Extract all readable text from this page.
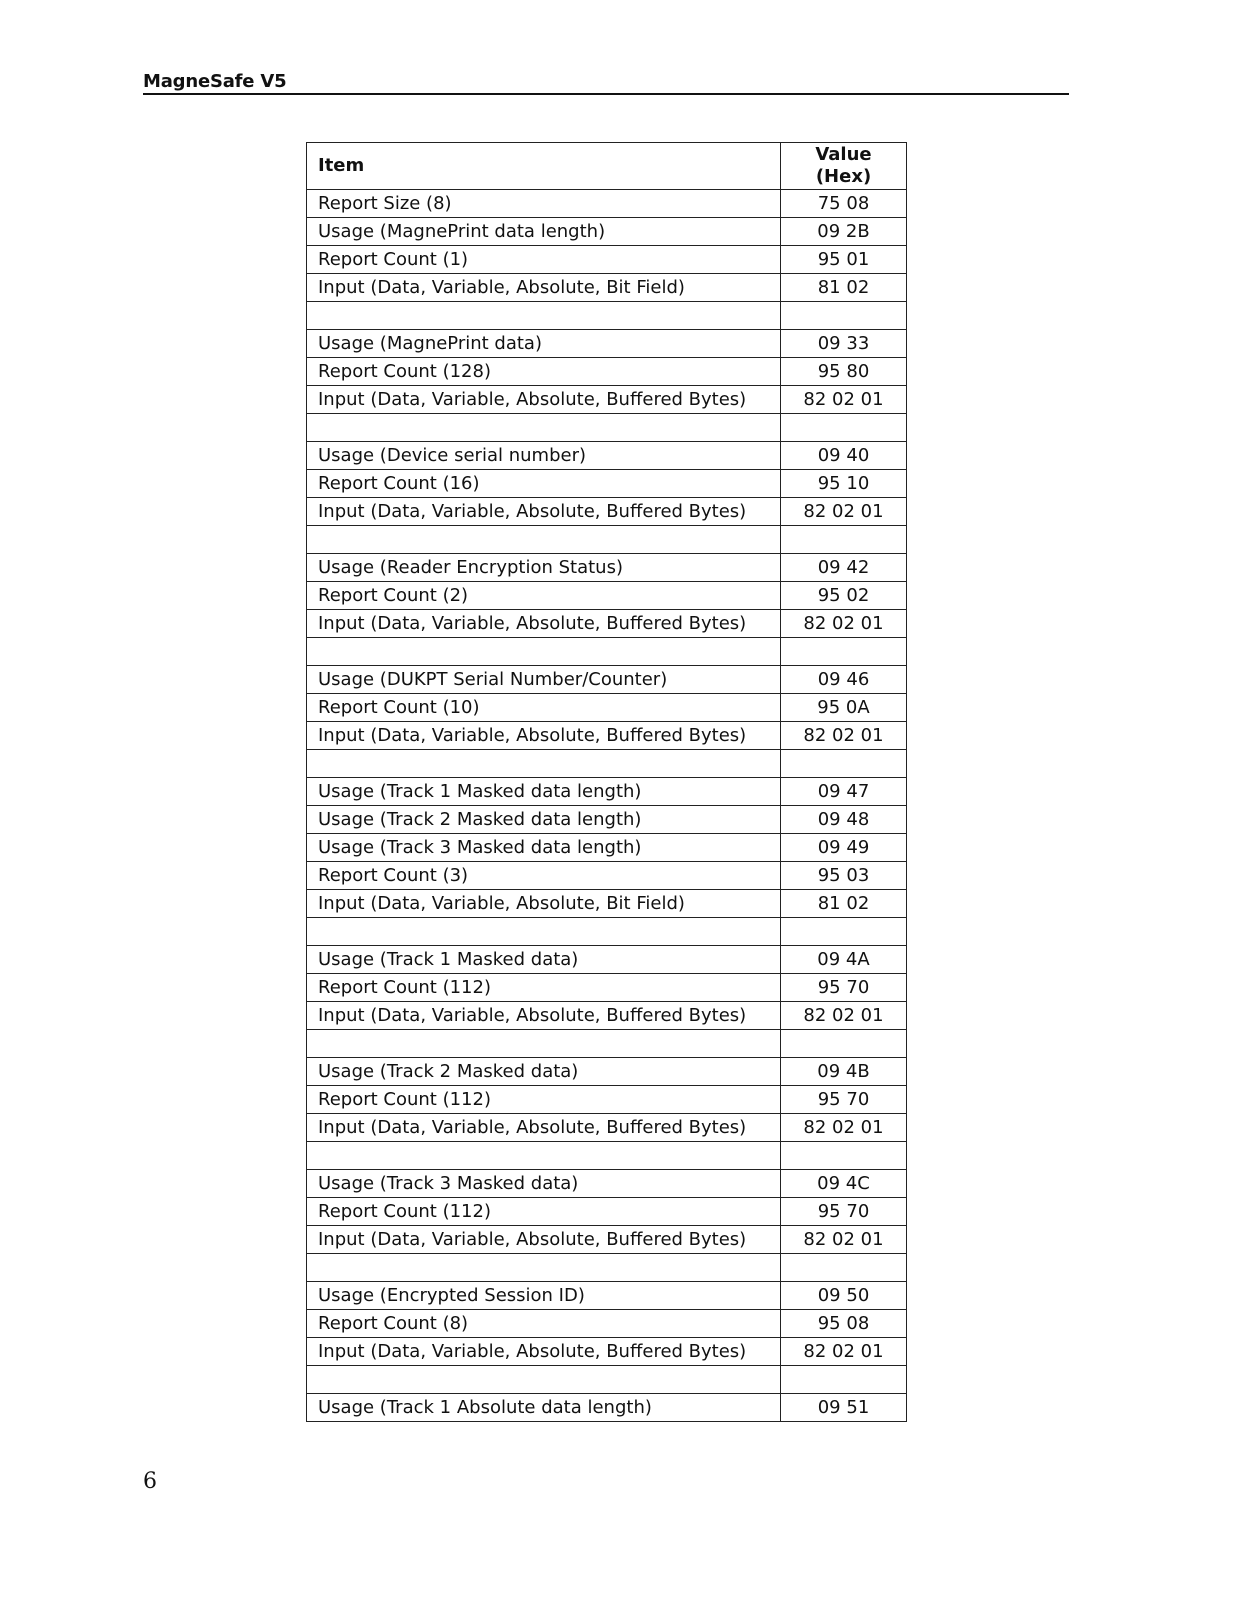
MagneSafe V5
Item	Value (Hex)
Report Size (8)	75 08
Usage (MagnePrint data length)	09 2B
Report Count (1)	95 01
Input (Data, Variable, Absolute, Bit Field)	81 02

Usage (MagnePrint data)	09 33
Report Count (128)	95 80
Input (Data, Variable, Absolute, Buffered Bytes)	82 02 01

Usage (Device serial number)	09 40
Report Count (16)	95 10
Input (Data, Variable, Absolute, Buffered Bytes)	82 02 01

Usage (Reader Encryption Status)	09 42
Report Count (2)	95 02
Input (Data, Variable, Absolute, Buffered Bytes)	82 02 01

Usage (DUKPT Serial Number/Counter)	09 46
Report Count (10)	95 0A
Input (Data, Variable, Absolute, Buffered Bytes)	82 02 01

Usage (Track 1 Masked data length)	09 47
Usage (Track 2 Masked data length)	09 48
Usage (Track 3 Masked data length)	09 49
Report Count (3)	95 03
Input (Data, Variable, Absolute, Bit Field)	81 02

Usage (Track 1 Masked data)	09 4A
Report Count (112)	95 70
Input (Data, Variable, Absolute, Buffered Bytes)	82 02 01

Usage (Track 2 Masked data)	09 4B
Report Count (112)	95 70
Input (Data, Variable, Absolute, Buffered Bytes)	82 02 01

Usage (Track 3 Masked data)	09 4C
Report Count (112)	95 70
Input (Data, Variable, Absolute, Buffered Bytes)	82 02 01

Usage (Encrypted Session ID)	09 50
Report Count (8)	95 08
Input (Data, Variable, Absolute, Buffered Bytes)	82 02 01

Usage (Track 1 Absolute data length)	09 51
6
